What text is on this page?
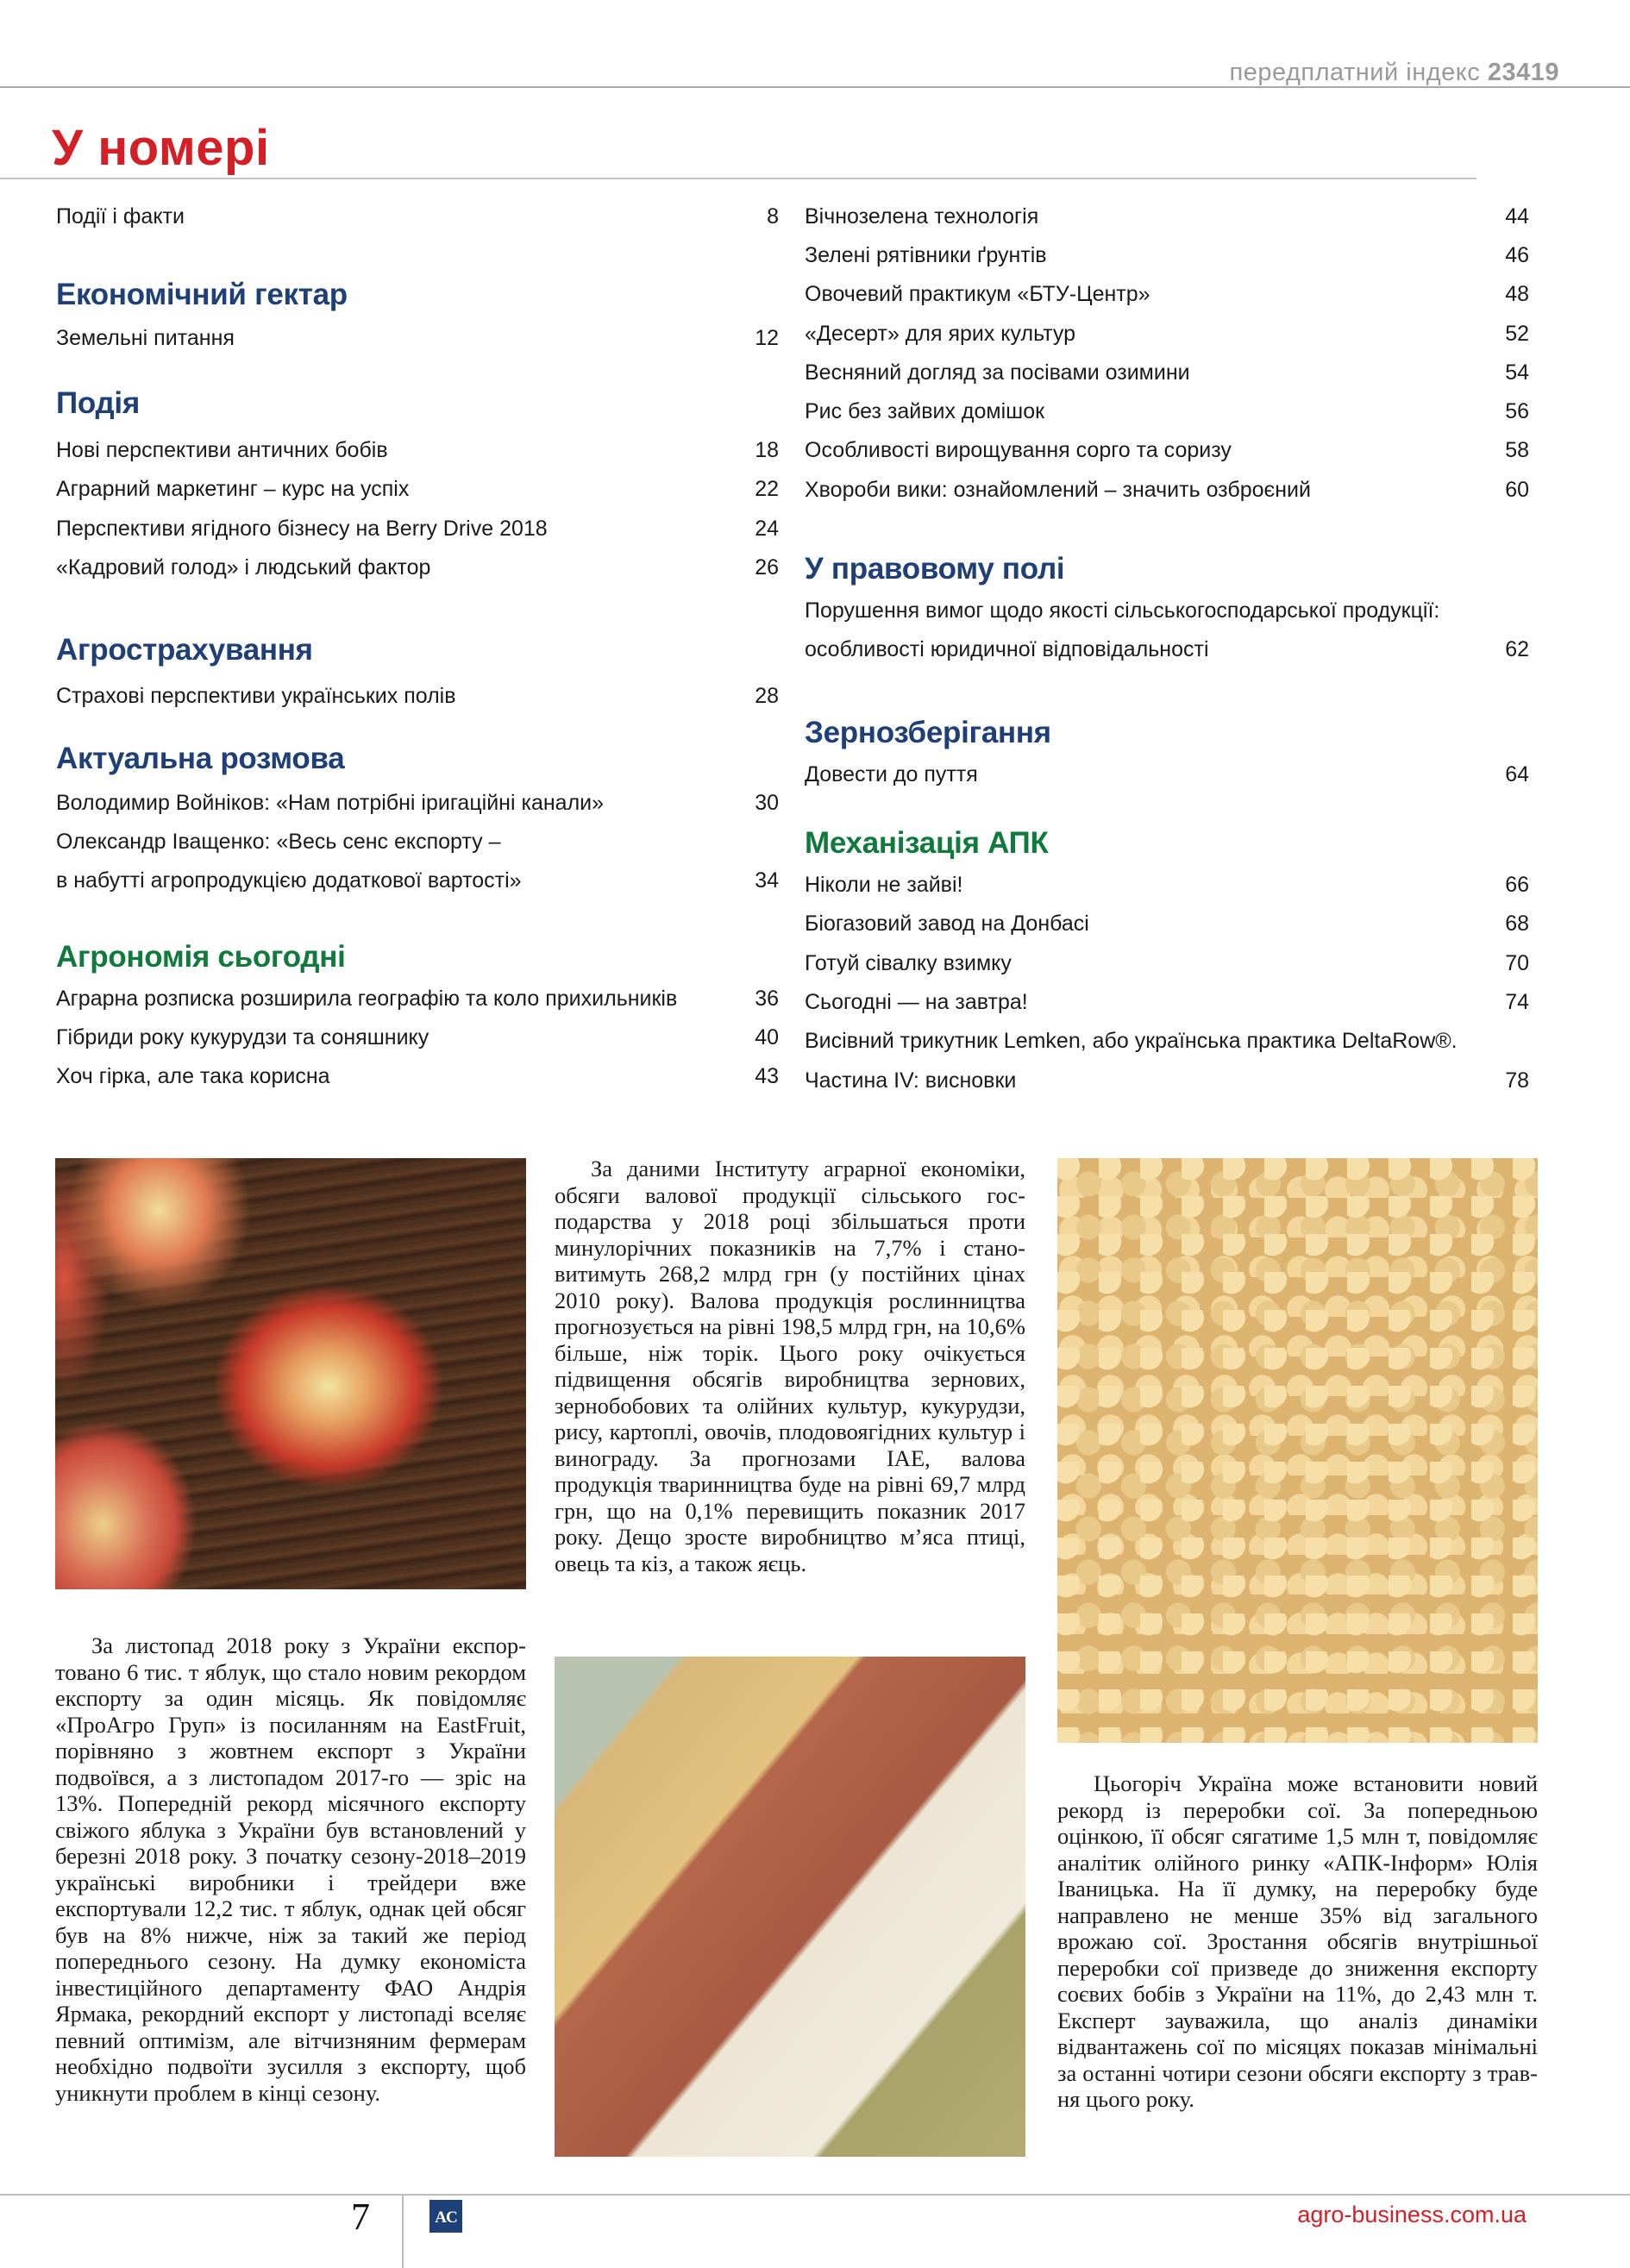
передплатний індекс 23419
У номері
Події і факти	8
Економічний гектар
Земельні питання	12
Подія
Нові перспективи античних бобів	18
Аграрний маркетинг – курс на успіх	22
Перспективи ягідного бізнесу на Berry Drive 2018	24
«Кадровий голод» і людський фактор	26
Агрострахування
Страхові перспективи українських полів	28
Актуальна розмова
Володимир Войніков: «Нам потрібні іригаційні канали»	30
Олександр Іващенко: «Весь сенс експорту –
в набутті агропродукцією додаткової вартості»	34
Агрономія сьогодні
Аграрна розписка розширила географію та коло прихильників	36
Гібриди року кукурудзи та соняшнику	40
Хоч гірка, але така корисна	43
Вічнозелена технологія	44
Зелені рятівники ґрунтів	46
Овочевий практикум «БТУ-Центр»	48
«Десерт» для ярих культур	52
Весняний догляд за посівами озимини	54
Рис без зайвих домішок	56
Особливості вирощування сорго та соризу	58
Хвороби вики: ознайомлений – значить озброєний	60
У правовому полі
Порушення вимог щодо якості сільськогосподарської продукції:
особливості юридичної відповідальності	62
Зернозберігання
Довести до пуття	64
Механізація АПК
Ніколи не зайві!	66
Біогазовий завод на Донбасі	68
Готуй сівалку взимку	70
Сьогодні — на завтра!	74
Висівний трикутник Lemken, або українська практика DeltaRow®.
Частина IV: висновки	78

За листопад 2018 року з України експортовано 6 тис. т яблук, що стало новим рекордом експорту за один місяць. Як повідомляє «ПроАгро Груп» із посиланням на EastFruit, порівняно з жовтнем експорт з України подвоївся, а з листопадом 2017-го — зріс на 13%. Попередній рекорд місячного експорту свіжого яблука з України був встановлений у березні 2018 року. З початку сезону-2018–2019 українські виробники і трейдери вже експортували 12,2 тис. т яблук, однак цей обсяг був на 8% нижче, ніж за такий же період попереднього сезону. На думку економіста інвестиційного департаменту ФАО Андрія Ярмака, рекордний експорт у листопаді вселяє певний оптимізм, але вітчизняним фермерам необхідно подвоїти зусилля з експорту, щоб уникнути проблем в кінці сезону.

За даними Інституту аграрної економіки, обсяги валової продукції сільського господарства у 2018 році збільшаться проти минулорічних показників на 7,7% і становитимуть 268,2 млрд грн (у постійних цінах 2010 року). Валова продукція рослинництва прогнозується на рівні 198,5 млрд грн, на 10,6% більше, ніж торік. Цього року очікується підвищення обсягів виробництва зернових, зернобобових та олійних культур, кукурудзи, рису, картоплі, овочів, плодовоягідних культур і винограду. За прогнозами ІАЕ, валова продукція тваринництва буде на рівні 69,7 млрд грн, що на 0,1% перевищить показник 2017 року. Дещо зросте виробництво м’яса птиці, овець та кіз, а також яєць.

Цьогоріч Україна може встановити новий рекорд із переробки сої. За попередньою оцінкою, її обсяг сягатиме 1,5 млн т, повідомляє аналітик олійного ринку «АПК-Інформ» Юлія Іваницька. На її думку, на переробку буде направлено не менше 35% від загального врожаю сої. Зростання обсягів внутрішньої переробки сої призведе до зниження експорту соєвих бобів з України на 11%, до 2,43 млн т. Експерт зауважила, що аналіз динаміки відвантажень сої по місяцях показав мінімальні за останні чотири сезони обсяги експорту з травня цього року.

7	AC	agro-business.com.ua
